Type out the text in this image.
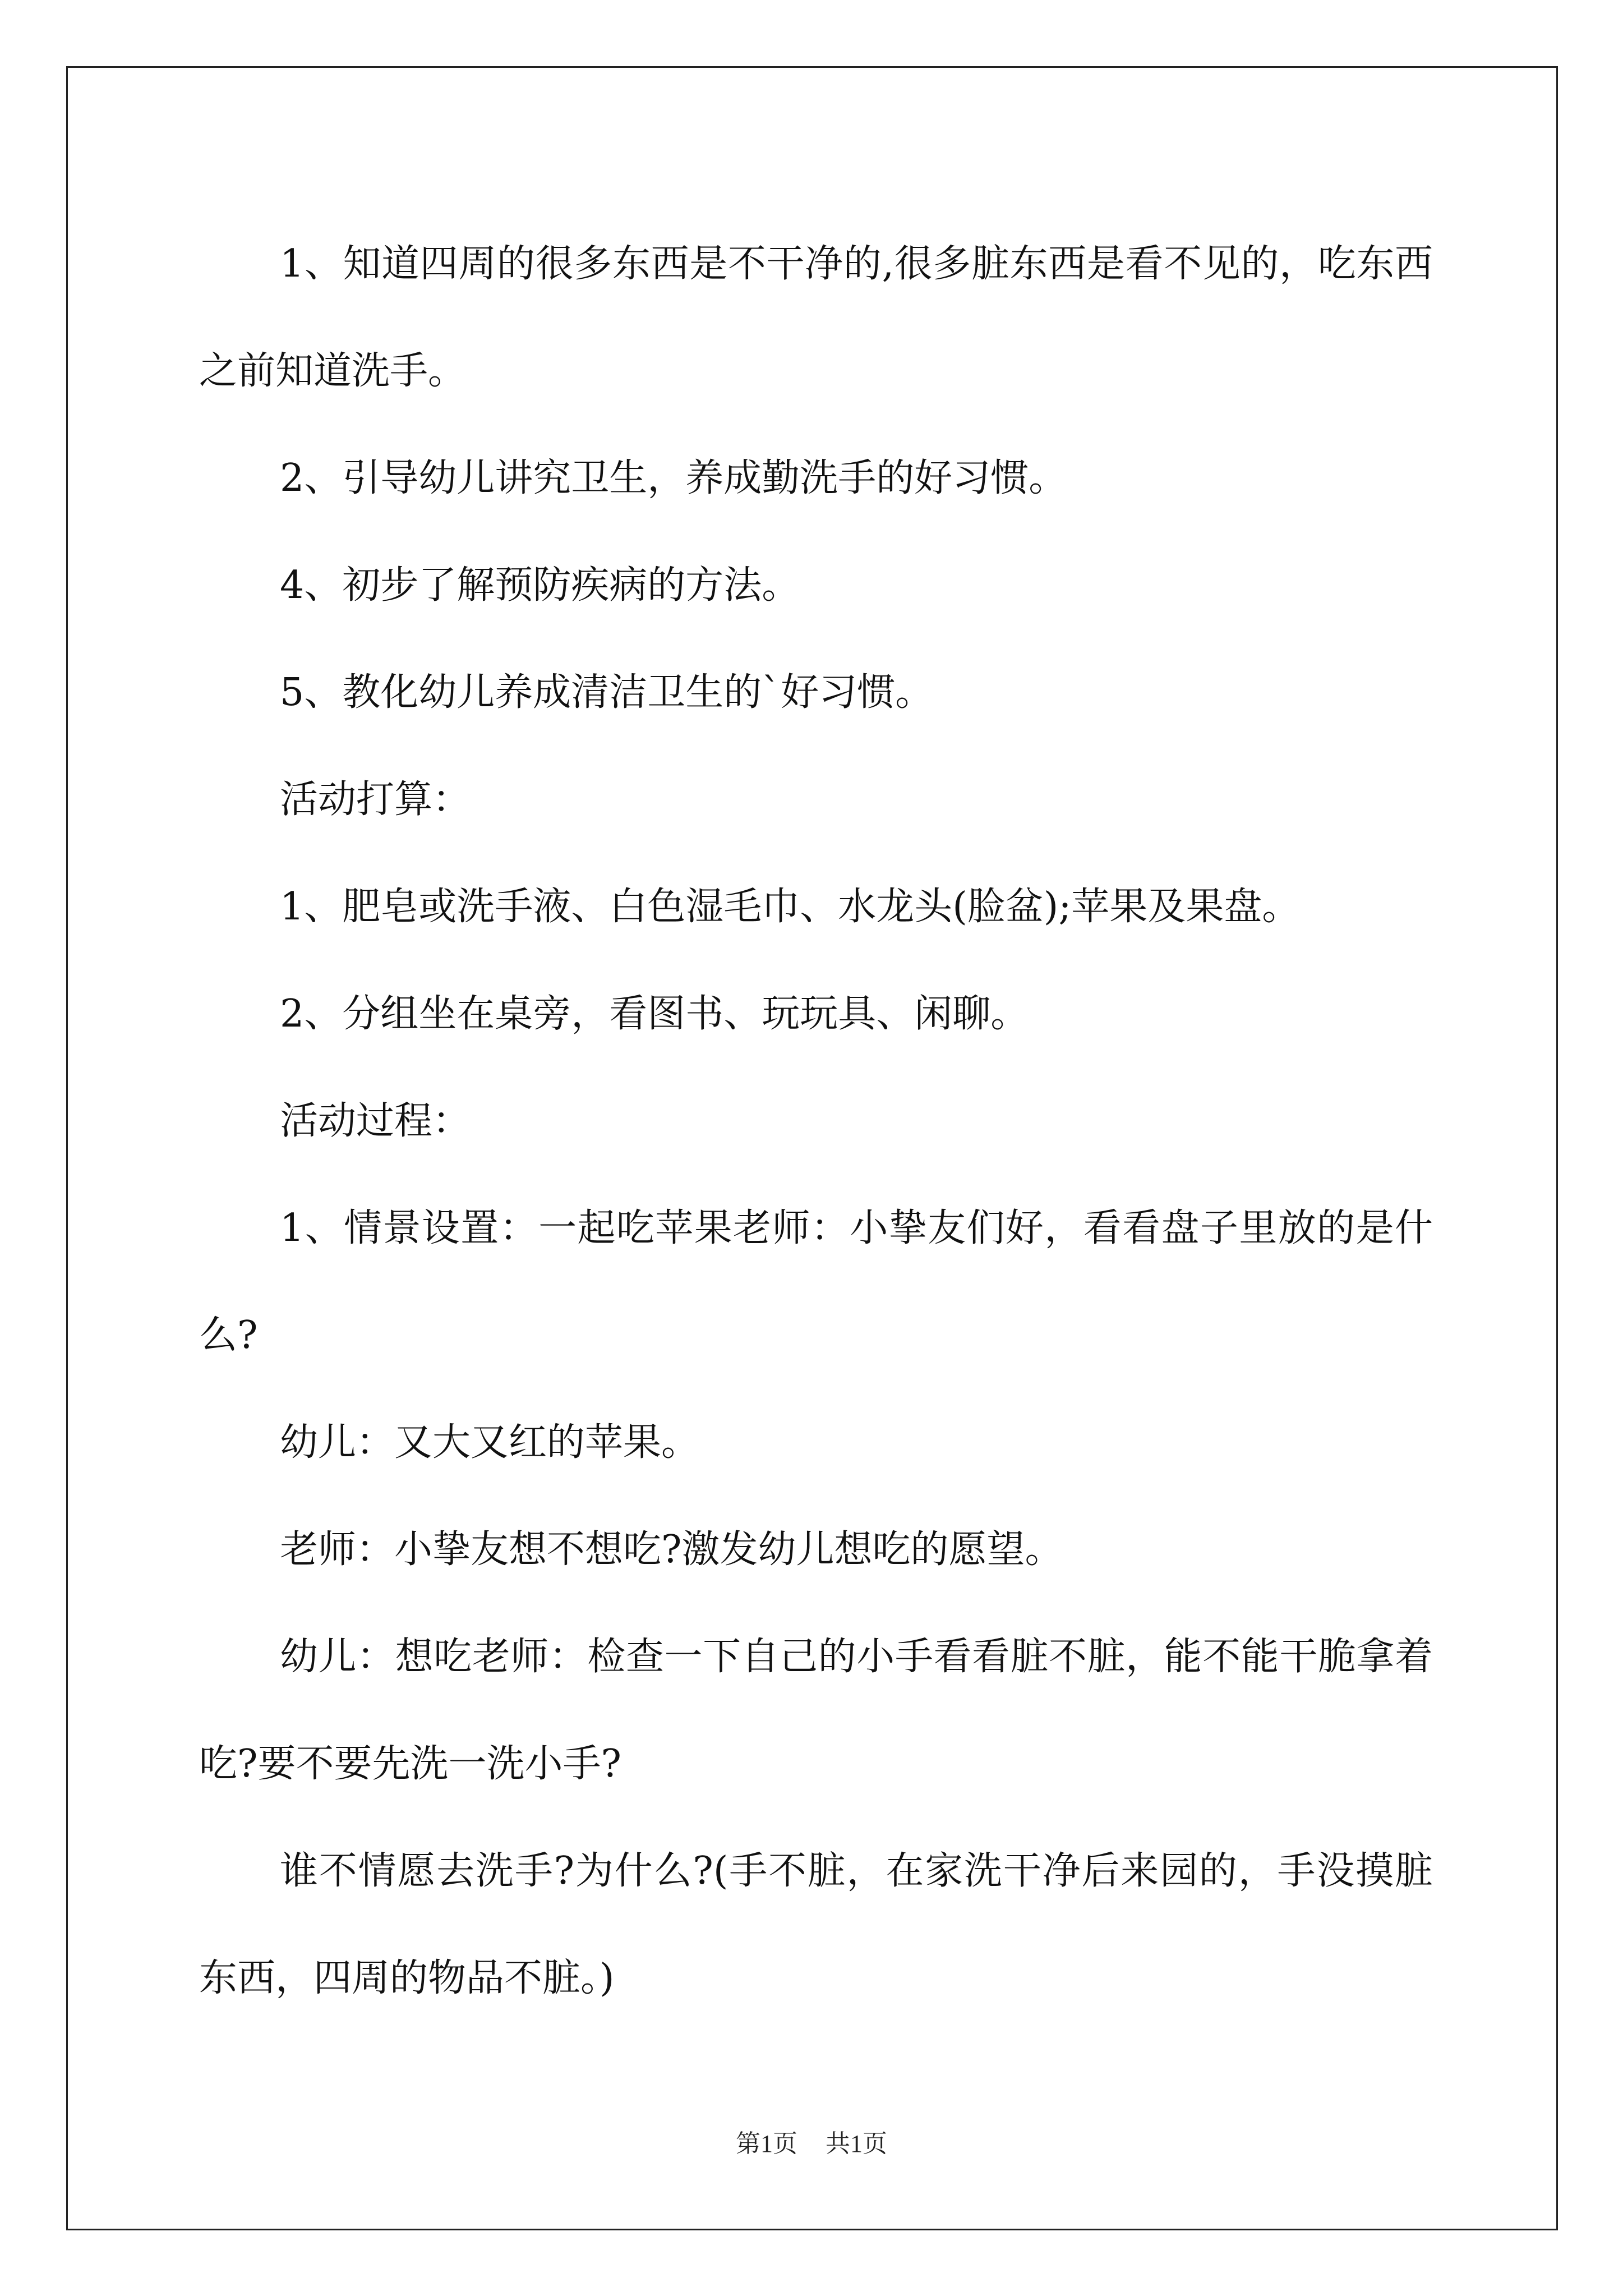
1、知道四周的很多东西是不干净的,很多脏东西是看不见的，吃东西之前知道洗手。

2、引导幼儿讲究卫生，养成勤洗手的好习惯。

4、初步了解预防疾病的方法。

5、教化幼儿养成清洁卫生的`好习惯。

活动打算：

1、肥皂或洗手液、白色湿毛巾、水龙头(脸盆);苹果及果盘。

2、分组坐在桌旁，看图书、玩玩具、闲聊。

活动过程：

1、情景设置：一起吃苹果老师：小挚友们好，看看盘子里放的是什么?

幼儿：又大又红的苹果。

老师：小挚友想不想吃?激发幼儿想吃的愿望。

幼儿：想吃老师：检查一下自己的小手看看脏不脏，能不能干脆拿着吃?要不要先洗一洗小手?

谁不情愿去洗手?为什么?(手不脏，在家洗干净后来园的，手没摸脏东西，四周的物品不脏。)

第1页 共1页
